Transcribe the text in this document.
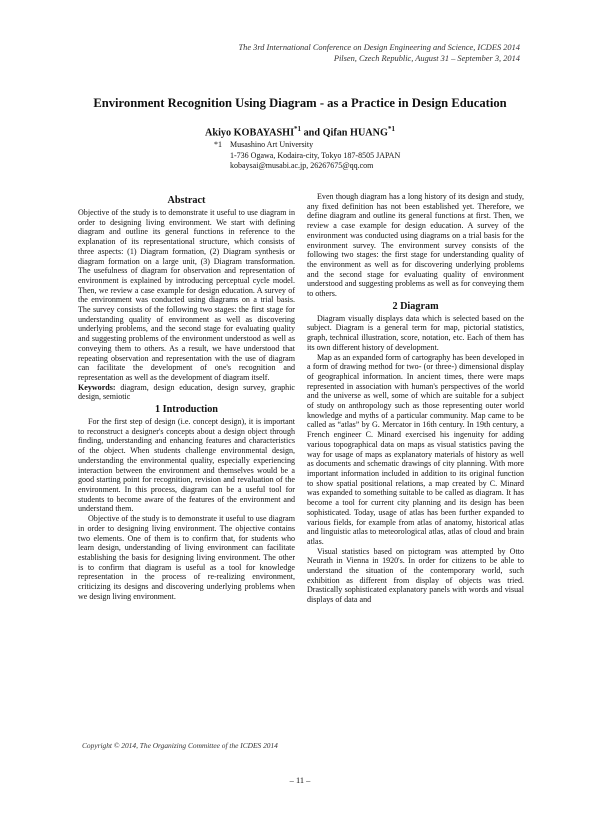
The 3rd International Conference on Design Engineering and Science, ICDES 2014
Pilsen, Czech Republic, August 31 – September 3, 2014
Environment Recognition Using Diagram - as a Practice in Design Education
Akiyo KOBAYASHI$^{*1}$ and Qifan HUANG$^{*1}$
*1 Musashino Art University
1-736 Ogawa, Kodaira-city, Tokyo 187-8505 JAPAN
kobaysai@musabi.ac.jp, 26267675@qq.com
Abstract

Objective of the study is to demonstrate it useful to use diagram in order to designing living environment. We start with defining diagram and outline its general functions in reference to the explanation of its representational structure, which consists of three aspects: (1) Diagram formation, (2) Diagram synthesis or diagram formation on a large unit, (3) Diagram transformation. The usefulness of diagram for observation and representation of environment is explained by introducing perceptual cycle model. Then, we review a case example for design education. A survey of the environment was conducted using diagrams on a trial basis. The survey consists of the following two stages: the first stage for understanding quality of environment as well as discovering underlying problems, and the second stage for evaluating quality and suggesting problems of the environment understood as well as conveying them to others. As a result, we have understood that repeating observation and representation with the use of diagram can facilitate the development of one's recognition and representation as well as the development of diagram itself.

Keywords: diagram, design education, design survey, graphic design, semiotic

1 Introduction

For the first step of design (i.e. concept design), it is important to reconstruct a designer's concepts about a design object through finding, understanding and enhancing features and characteristics of the object. When students challenge environmental design, understanding the environmental quality, especially experiencing interaction between the environment and themselves would be a good starting point for recognition, revision and revaluation of the environment. In this process, diagram can be a useful tool for students to become aware of the features of the environment and understand them.

Objective of the study is to demonstrate it useful to use diagram in order to designing living environment. The objective contains two elements. One of them is to confirm that, for students who learn design, understanding of living environment can facilitate establishing the basis for designing living environment. The other is to confirm that diagram is useful as a tool for knowledge representation in the process of re-realizing environment, criticizing its designs and discovering underlying problems when we design living environment.

Even though diagram has a long history of its design and study, any fixed definition has not been established yet. Therefore, we define diagram and outline its general functions at first. Then, we review a case example for design education. A survey of the environment was conducted using diagrams on a trial basis for the environment survey. The environment survey consists of the following two stages: the first stage for understanding quality of the environment as well as for discovering underlying problems and the second stage for evaluating quality of environment understood and suggesting problems as well as for conveying them to others.

2 Diagram

Diagram visually displays data which is selected based on the subject. Diagram is a general term for map, pictorial statistics, graph, technical illustration, score, notation, etc. Each of them has its own different history of development.

Map as an expanded form of cartography has been developed in a form of drawing method for two- (or three-) dimensional display of geographical information. In ancient times, there were maps represented in association with human's perspectives of the world and the universe as well, some of which are suitable for a subject of study on anthropology such as those representing outer world knowledge and myths of a particular community. Map came to be called as “atlas” by G. Mercator in 16th century. In 19th century, a French engineer C. Minard exercised his ingenuity for adding various topographical data on maps as visual statistics paving the way for usage of maps as explanatory materials of history as well as documents and schematic drawings of city planning. With more important information included in addition to its original function to show spatial positional relations, a map created by C. Minard was expanded to something suitable to be called as diagram. It has become a tool for current city planning and its design has been sophisticated. Today, usage of atlas has been further expanded to various fields, for example from atlas of anatomy, historical atlas and linguistic atlas to meteorological atlas, atlas of cloud and brain atlas.

Visual statistics based on pictogram was attempted by Otto Neurath in Vienna in 1920's. In order for citizens to be able to understand the situation of the contemporary world, such exhibition as different from display of objects was tried. Drastically sophisticated explanatory panels with words and visual displays of data and

Copyright © 2014, The Organizing Committee of the ICDES 2014
– 11 –
